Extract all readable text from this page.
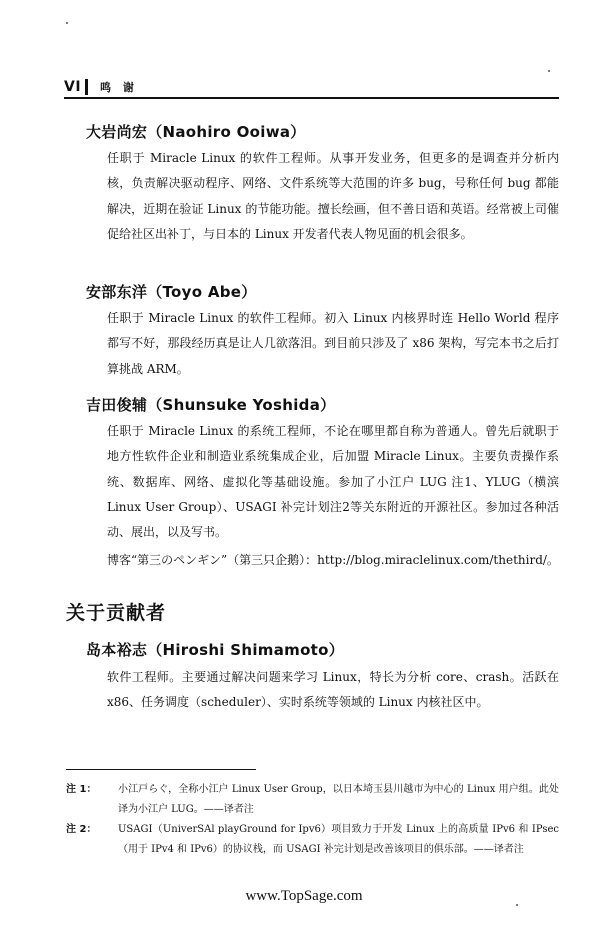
VI 鸣 谢
大岩尚宏（Naohiro Ooiwa）

任职于 Miracle Linux 的软件工程师。从事开发业务，但更多的是调查并分析内核，负责解决驱动程序、网络、文件系统等大范围的许多 bug，号称任何 bug 都能解决，近期在验证 Linux 的节能功能。擅长绘画，但不善日语和英语。经常被上司催促给社区出补丁，与日本的 Linux 开发者代表人物见面的机会很多。

安部东洋（Toyo Abe）

任职于 Miracle Linux 的软件工程师。初入 Linux 内核界时连 Hello World 程序都写不好，那段经历真是让人几欲落泪。到目前只涉及了 x86 架构，写完本书之后打算挑战 ARM。

吉田俊辅（Shunsuke Yoshida）

任职于 Miracle Linux 的系统工程师，不论在哪里都自称为普通人。曾先后就职于地方性软件企业和制造业系统集成企业，后加盟 Miracle Linux。主要负责操作系统、数据库、网络、虚拟化等基础设施。参加了小江户 LUG 注1、YLUG（横滨 Linux User Group）、USAGI 补完计划注2等关东附近的开源社区。参加过各种活动、展出，以及写书。

博客“第三のペンギン”（第三只企鹅）：http://blog.miraclelinux.com/thethird/。

关于贡献者
岛本裕志（Hiroshi Shimamoto）

软件工程师。主要通过解决问题来学习 Linux，特长为分析 core、crash。活跃在 x86、任务调度（scheduler）、实时系统等领域的 Linux 内核社区中。

注 1：	小江戸らぐ，全称小江户 Linux User Group，以日本埼玉县川越市为中心的 Linux 用户组。此处译为小江户 LUG。——译者注
注 2：	USAGI（UniverSAl playGround for Ipv6）项目致力于开发 Linux 上的高质量 IPv6 和 IPsec（用于 IPv4 和 IPv6）的协议栈，而 USAGI 补完计划是改善该项目的俱乐部。——译者注
www.TopSage.com
